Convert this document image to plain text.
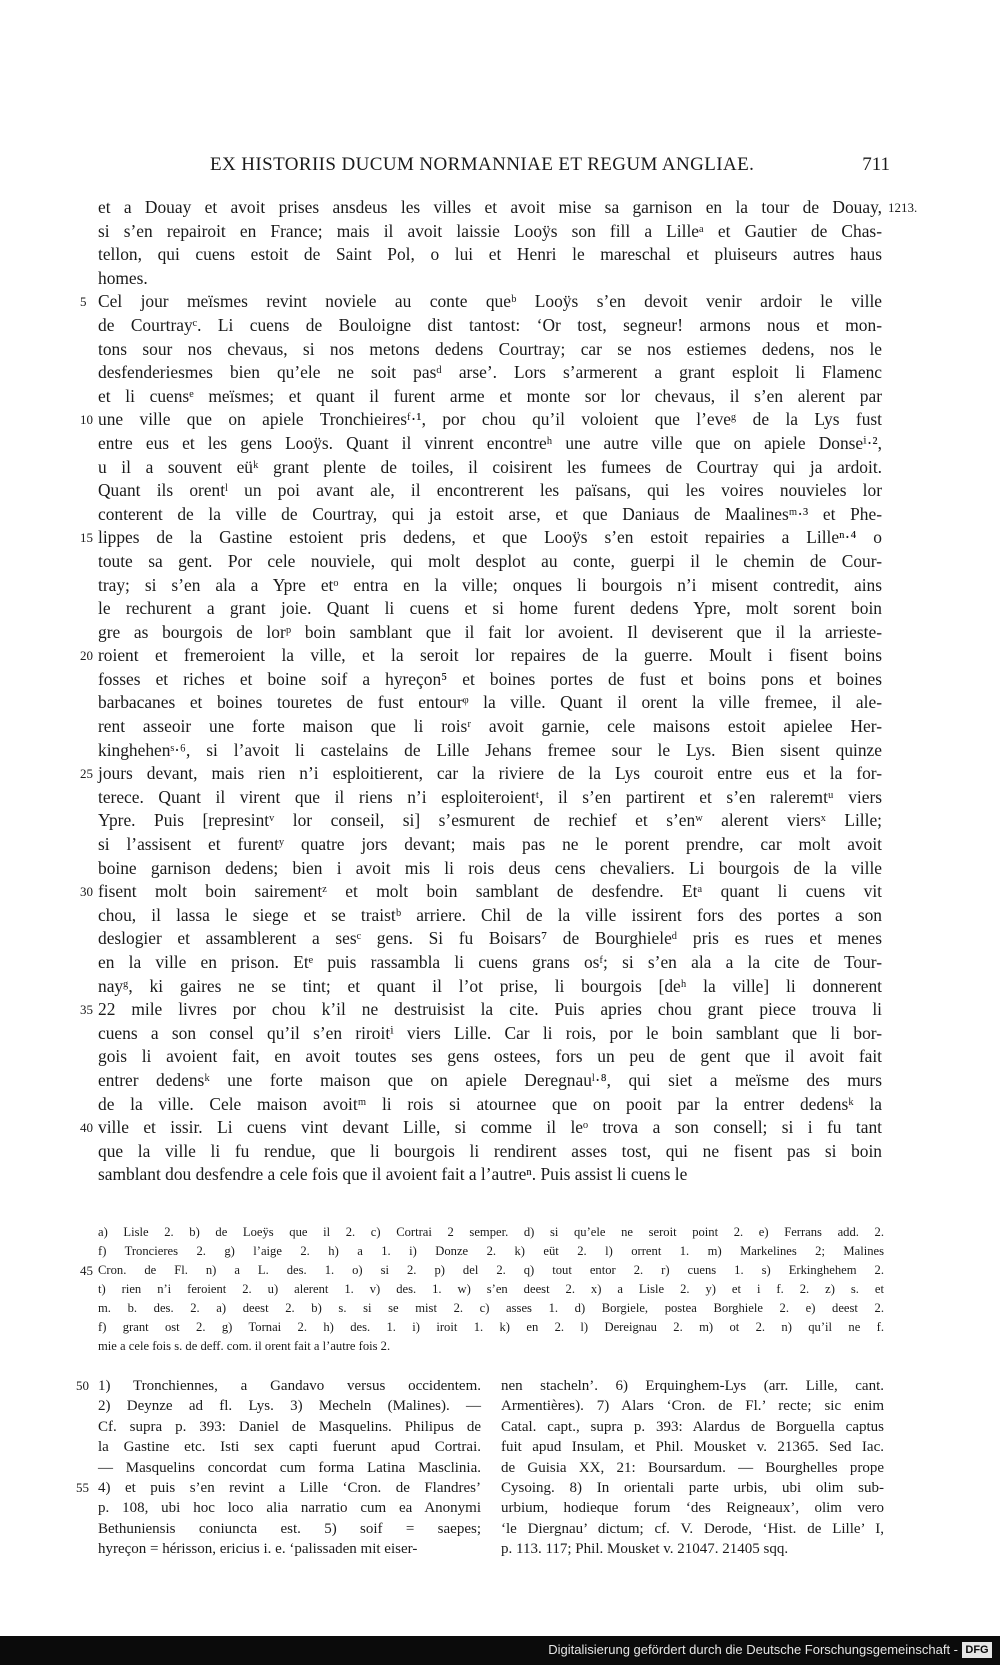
EX HISTORIIS DUCUM NORMANNIAE ET REGUM ANGLIAE.	711
1213.
et a Douay et avoit prises ansdeus les villes et avoit mise sa garnison en la tour de Douay,
si s’en repairoit en France; mais il avoit laissie Looÿs son fill a Lilleᵃ et Gautier de Chas-
tellon, qui cuens estoit de Saint Pol, o lui et Henri le mareschal et pluiseurs autres haus
homes.
Cel jour meïsmes revint noviele au conte queᵇ Looÿs s’en devoit venir ardoir le ville
5
de Courtrayᶜ. Li cuens de Bouloigne dist tantost: ‘Or tost, segneur! armons nous et mon-
tons sour nos chevaus, si nos metons dedens Courtray; car se nos estiemes dedens, nos le
desfenderiesmes bien qu’ele ne soit pasᵈ arse’. Lors s’armerent a grant esploit li Flamenc
et li cuensᵉ meïsmes; et quant il furent arme et monte sor lor chevaus, il s’en alerent par
une ville que on apiele Tronchieiresᶠ·¹, por chou qu’il voloient que l’eveᵍ de la Lys fust
10
entre eus et les gens Looÿs. Quant il vinrent encontreʰ une autre ville que on apiele Donseⁱ·²,
u il a souvent eüᵏ grant plente de toiles, il coisirent les fumees de Courtray qui ja ardoit.
Quant ils orentˡ un poi avant ale, il encontrerent les païsans, qui les voires nouvieles lor
conterent de la ville de Courtray, qui ja estoit arse, et que Daniaus de Maalinesᵐ·³ et Phe-
lippes de la Gastine estoient pris dedens, et que Looÿs s’en estoit repairies a Lilleⁿ·⁴ o
15
toute sa gent. Por cele nouviele, qui molt desplot au conte, guerpi il le chemin de Cour-
tray; si s’en ala a Ypre etᵒ entra en la ville; onques li bourgois n’i misent contredit, ains
le rechurent a grant joie. Quant li cuens et si home furent dedens Ypre, molt sorent boin
gre as bourgois de lorᵖ boin samblant que il fait lor avoient. Il deviserent que il la arrieste-
roient et fremeroient la ville, et la seroit lor repaires de la guerre. Moult i fisent boins
20
fosses et riches et boine soif a hyreçon⁵ et boines portes de fust et boins pons et boines
barbacanes et boines touretes de fust entourᵠ la ville. Quant il orent la ville fremee, il ale-
rent asseoir une forte maison que li roisʳ avoit garnie, cele maisons estoit apielee Her-
kinghehenˢ·⁶, si l’avoit li castelains de Lille Jehans fremee sour le Lys. Bien sisent quinze
jours devant, mais rien n’i esploitierent, car la riviere de la Lys couroit entre eus et la for-
25
terece. Quant il virent que il riens n’i esploiteroientᵗ, il s’en partirent et s’en raleremtᵘ viers
Ypre. Puis [represintᵛ lor conseil, si] s’esmurent de rechief et s’enʷ alerent viersˣ Lille;
si l’assisent et furentʸ quatre jors devant; mais pas ne le porent prendre, car molt avoit
boine garnison dedens; bien i avoit mis li rois deus cens chevaliers. Li bourgois de la ville
fisent molt boin sairementᶻ et molt boin samblant de desfendre. Etᵃ quant li cuens vit
30
chou, il lassa le siege et se traistᵇ arriere. Chil de la ville issirent fors des portes a son
deslogier et assamblerent a sesᶜ gens. Si fu Boisars⁷ de Bourghieleᵈ pris es rues et menes
en la ville en prison. Etᵉ puis rassambla li cuens grans osᶠ; si s’en ala a la cite de Tour-
nayᵍ, ki gaires ne se tint; et quant il l’ot prise, li bourgois [deʰ la ville] li donnerent
22 mile livres por chou k’il ne destruisist la cite. Puis apries chou grant piece trouva li
35
cuens a son consel qu’il s’en riroitⁱ viers Lille. Car li rois, por le boin samblant que li bor-
gois li avoient fait, en avoit toutes ses gens ostees, fors un peu de gent que il avoit fait
entrer dedensᵏ une forte maison que on apiele Deregnauˡ·⁸, qui siet a meïsme des murs
de la ville. Cele maison avoitᵐ li rois si atournee que on pooit par la entrer dedensᵏ la
ville et issir. Li cuens vint devant Lille, si comme il leᵒ trova a son consell; si i fu tant
40
que la ville li fu rendue, que li bourgois li rendirent asses tost, qui ne fisent pas si boin
samblant dou desfendre a cele fois que il avoient fait a l’autreⁿ. Puis assist li cuens le
a) Lisle 2. b) de Loeÿs que il 2. c) Cortrai 2 semper. d) si qu’ele ne seroit point 2. e) Ferrans add. 2.
f) Troncieres 2. g) l’aige 2. h) a 1. i) Donze 2. k) eüt 2. l) orrent 1. m) Markelines 2; Malines
Cron. de Fl. n) a L. des. 1. o) si 2. p) del 2. q) tout entor 2. r) cuens 1. s) Erkinghehem 2.
45
t) rien n’i feroient 2. u) alerent 1. v) des. 1. w) s’en deest 2. x) a Lisle 2. y) et i f. 2. z) s. et
m. b. des. 2. a) deest 2. b) s. si se mist 2. c) asses 1. d) Borgiele, postea Borghiele 2. e) deest 2.
f) grant ost 2. g) Tornai 2. h) des. 1. i) iroit 1. k) en 2. l) Dereignau 2. m) ot 2. n) qu’il ne f.
mie a cele fois s. de deff. com. il orent fait a l’autre fois 2.
1) Tronchiennes, a Gandavo versus occidentem.
50
2) Deynze ad fl. Lys. 3) Mecheln (Malines). —
Cf. supra p. 393: Daniel de Masquelins. Philipus de
la Gastine etc. Isti sex capti fuerunt apud Cortrai.
— Masquelins concordat cum forma Latina Masclinia.
4) et puis s’en revint a Lille ‘Cron. de Flandres’
55
p. 108, ubi hoc loco alia narratio cum ea Anonymi
Bethuniensis coniuncta est. 5) soif = saepes;
hyreçon = hérisson, ericius i. e. ‘palissaden mit eiser-
nen stacheln’. 6) Erquinghem-Lys (arr. Lille, cant.
Armentières). 7) Alars ‘Cron. de Fl.’ recte; sic enim
Catal. capt., supra p. 393: Alardus de Borguella captus
fuit apud Insulam, et Phil. Mousket v. 21365. Sed Iac.
de Guisia XX, 21: Boursardum. — Bourghelles prope
Cysoing. 8) In orientali parte urbis, ubi olim sub-
urbium, hodieque forum ‘des Reigneaux’, olim vero
‘le Diergnau’ dictum; cf. V. Derode, ‘Hist. de Lille’ I,
p. 113. 117; Phil. Mousket v. 21047. 21405 sqq.
Digitalisierung gefördert durch die Deutsche Forschungsgemeinschaft - DFG
